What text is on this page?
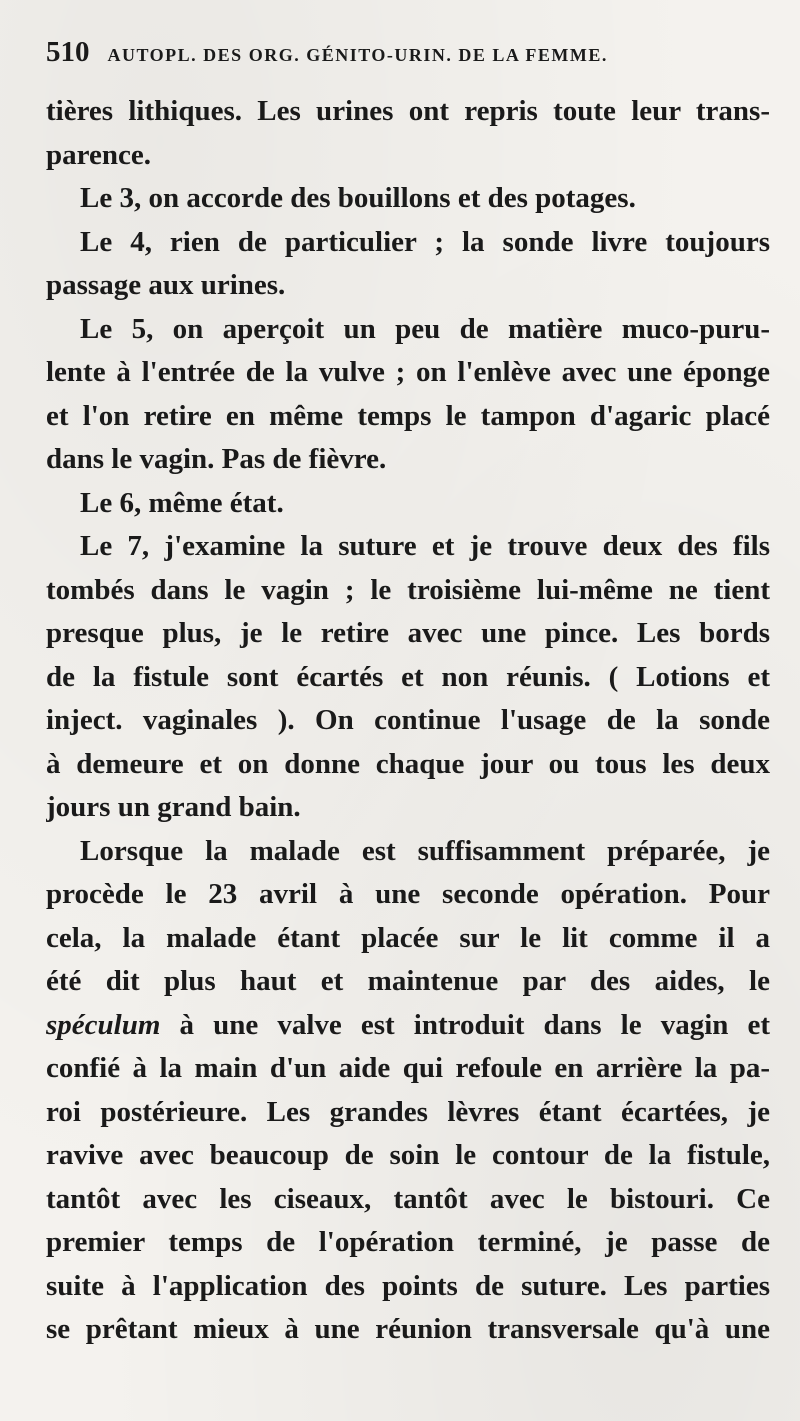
510 AUTOPL. DES ORG. GÉNITO-URIN. DE LA FEMME.
tières lithiques. Les urines ont repris toute leur trans-
parence.
Le 3, on accorde des bouillons et des potages.
Le 4, rien de particulier ; la sonde livre toujours
passage aux urines.
Le 5, on aperçoit un peu de matière muco-puru-
lente à l'entrée de la vulve ; on l'enlève avec une éponge
et l'on retire en même temps le tampon d'agaric placé
dans le vagin. Pas de fièvre.
Le 6, même état.
Le 7, j'examine la suture et je trouve deux des fils
tombés dans le vagin ; le troisième lui-même ne tient
presque plus, je le retire avec une pince. Les bords
de la fistule sont écartés et non réunis. ( Lotions et
inject. vaginales ). On continue l'usage de la sonde
à demeure et on donne chaque jour ou tous les deux
jours un grand bain.
Lorsque la malade est suffisamment préparée, je
procède le 23 avril à une seconde opération. Pour
cela, la malade étant placée sur le lit comme il a
été dit plus haut et maintenue par des aides, le
spéculum à une valve est introduit dans le vagin et
confié à la main d'un aide qui refoule en arrière la pa-
roi postérieure. Les grandes lèvres étant écartées, je
ravive avec beaucoup de soin le contour de la fistule,
tantôt avec les ciseaux, tantôt avec le bistouri. Ce
premier temps de l'opération terminé, je passe de
suite à l'application des points de suture. Les parties
se prêtant mieux à une réunion transversale qu'à une
